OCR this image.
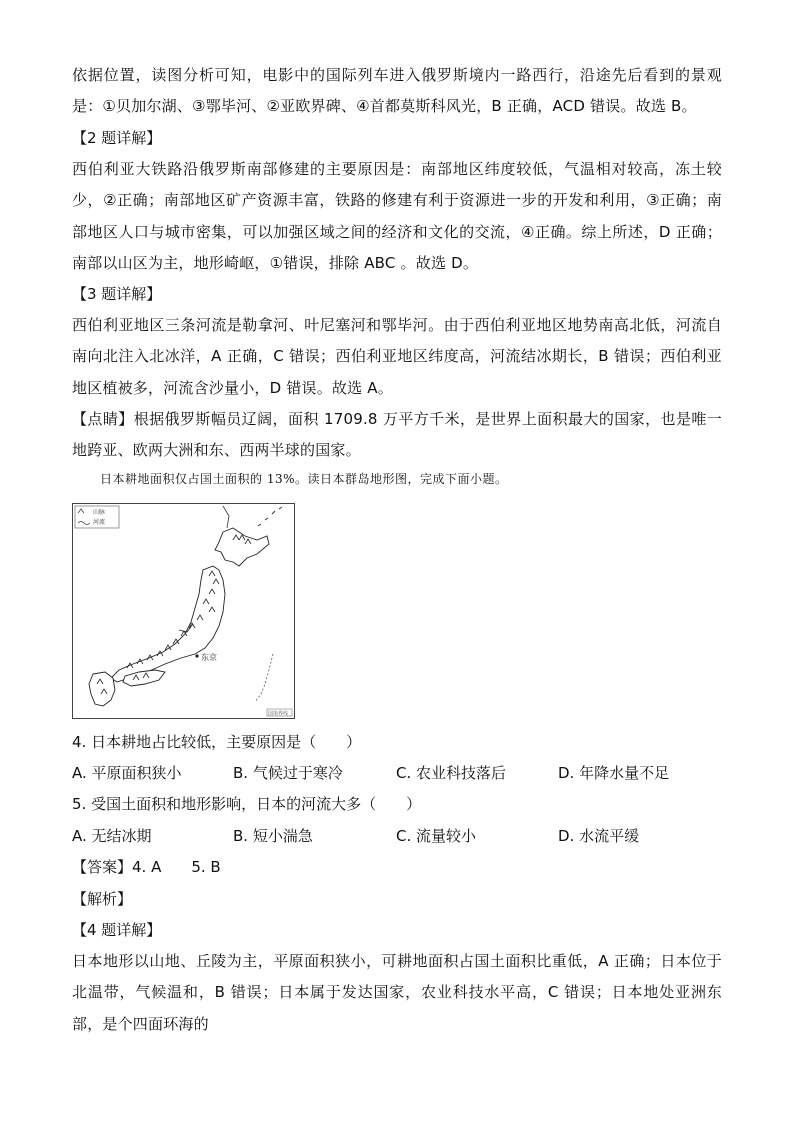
依据位置，读图分析可知，电影中的国际列车进入俄罗斯境内一路西行，沿途先后看到的景观是：①贝加尔湖、③鄂毕河、②亚欧界碑、④首都莫斯科风光，B 正确，ACD 错误。故选 B。

【2 题详解】

西伯利亚大铁路沿俄罗斯南部修建的主要原因是：南部地区纬度较低，气温相对较高，冻土较少，②正确；南部地区矿产资源丰富，铁路的修建有利于资源进一步的开发和利用，③正确；南部地区人口与城市密集，可以加强区域之间的经济和文化的交流，④正确。综上所述，D 正确；南部以山区为主，地形崎岖，①错误，排除 ABC 。故选 D。

【3 题详解】

西伯利亚地区三条河流是勒拿河、叶尼塞河和鄂毕河。由于西伯利亚地区地势南高北低，河流自南向北注入北冰洋，A 正确，C 错误；西伯利亚地区纬度高，河流结冰期长，B 错误；西伯利亚地区植被多，河流含沙量小，D 错误。故选 A。

【点睛】根据俄罗斯幅员辽阔，面积 1709.8 万平方千米，是世界上面积最大的国家，也是唯一地跨亚、欧两大洲和东、西两半球的国家。

日本耕地面积仅占国土面积的 13%。读日本群岛地形图，完成下面小题。

山脉
河流
东京
国境界线

4. 日本耕地占比较低，主要原因是（　　）

A. 平原面积狭小	B. 气候过于寒冷	C. 农业科技落后	D. 年降水量不足

5. 受国土面积和地形影响，日本的河流大多（　　）

A. 无结冰期	B. 短小湍急	C. 流量较小	D. 水流平缓

【答案】4. A　　5. B

【解析】

【4 题详解】

日本地形以山地、丘陵为主，平原面积狭小，可耕地面积占国土面积比重低，A 正确；日本位于北温带，气候温和，B 错误；日本属于发达国家，农业科技水平高，C 错误；日本地处亚洲东部，是个四面环海的
